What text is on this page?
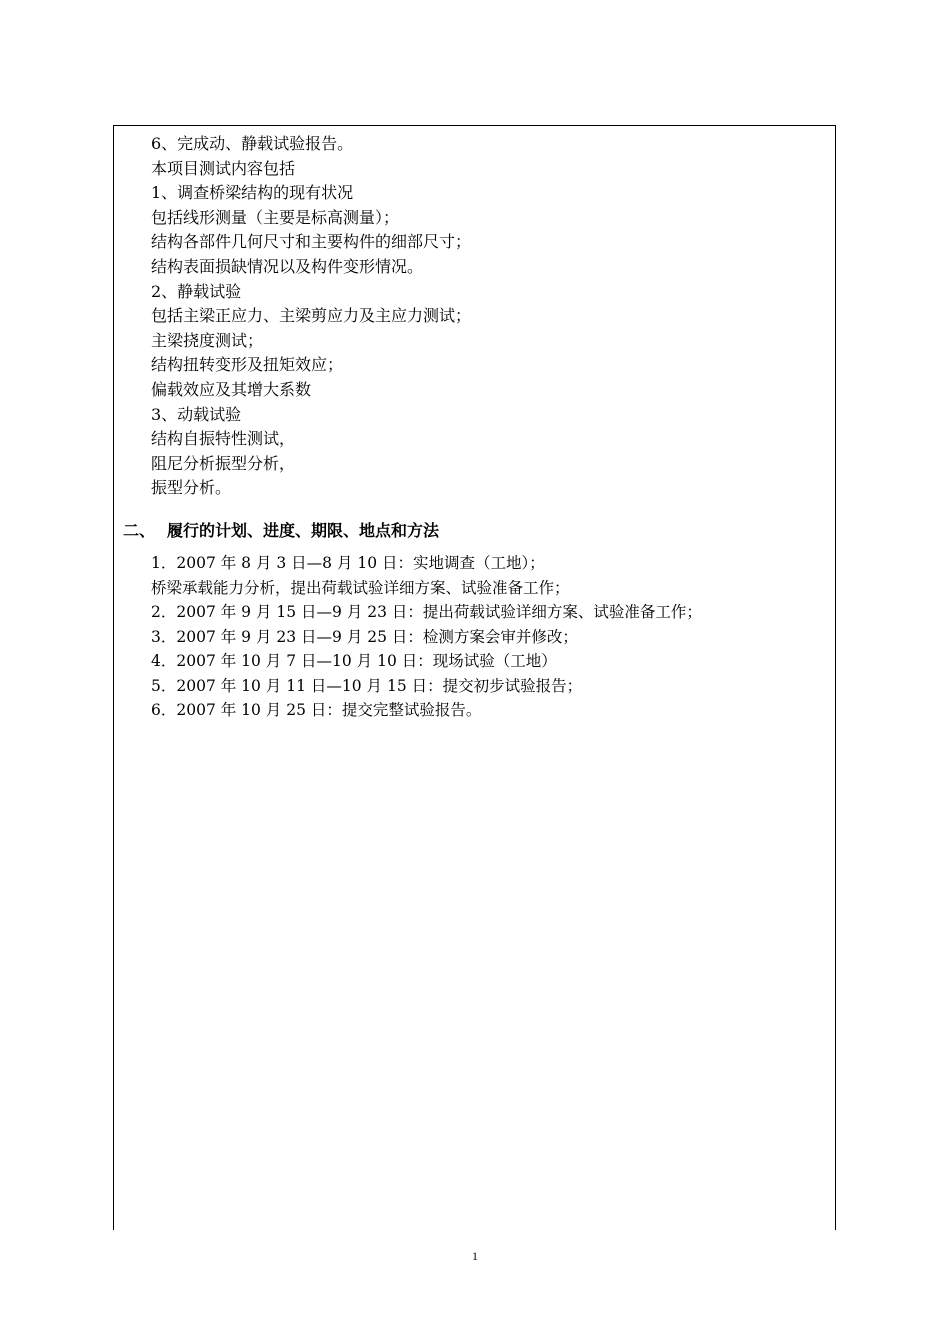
6、完成动、静载试验报告。
本项目测试内容包括
1、调查桥梁结构的现有状况
包括线形测量（主要是标高测量）；
结构各部件几何尺寸和主要构件的细部尺寸；
结构表面损缺情况以及构件变形情况。
2、静载试验
包括主梁正应力、主梁剪应力及主应力测试；
主梁挠度测试；
结构扭转变形及扭矩效应；
偏载效应及其增大系数
3、动载试验
结构自振特性测试，
阻尼分析振型分析，
振型分析。
二、 履行的计划、进度、期限、地点和方法
1．2007 年 8 月 3 日—8 月 10 日：实地调查（工地）；
桥梁承载能力分析，提出荷载试验详细方案、试验准备工作；
2．2007 年 9 月 15 日—9 月 23 日：提出荷载试验详细方案、试验准备工作；
3．2007 年 9 月 23 日—9 月 25 日：检测方案会审并修改；
4．2007 年 10 月 7 日—10 月 10 日：现场试验（工地）
5．2007 年 10 月 11 日—10 月 15 日：提交初步试验报告；
6．2007 年 10 月 25 日：提交完整试验报告。
1
